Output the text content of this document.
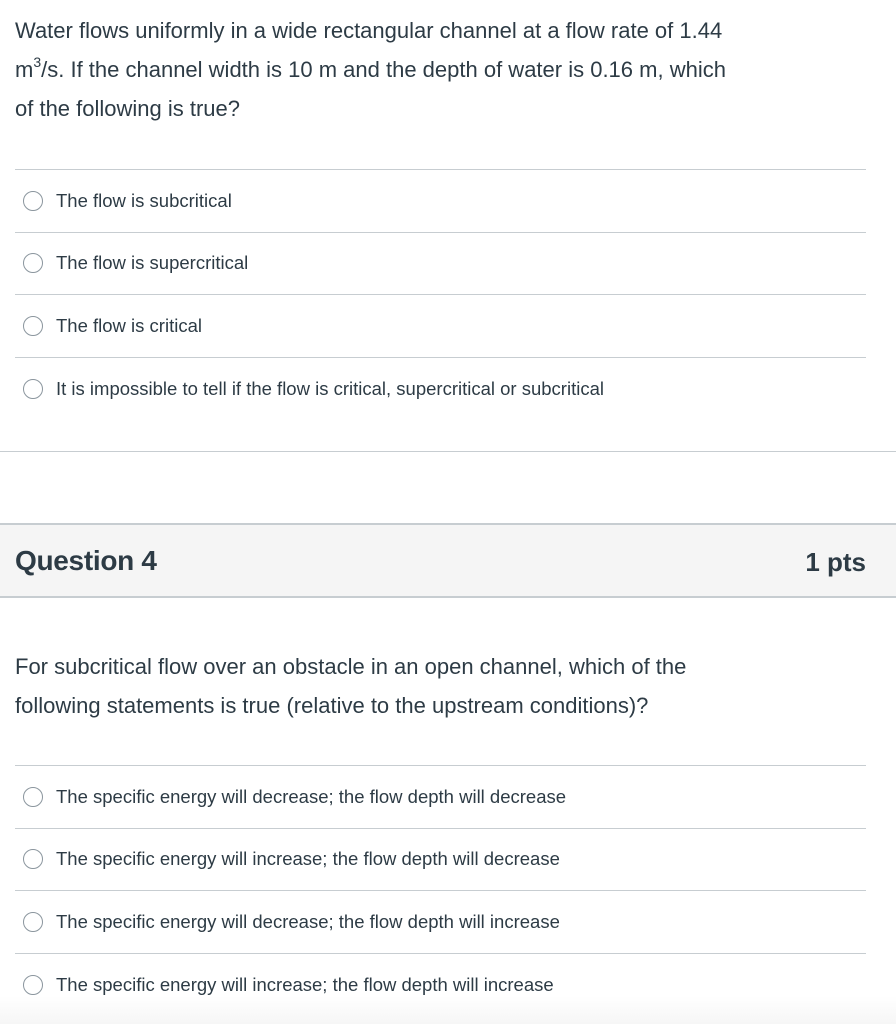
Water flows uniformly in a wide rectangular channel at a flow rate of 1.44
$m^3/s$. If the channel width is 10 m and the depth of water is 0.16 m, which
of the following is true?
The flow is subcritical
The flow is supercritical
The flow is critical
It is impossible to tell if the flow is critical, supercritical or subcritical
Question 4	1 pts
For subcritical flow over an obstacle in an open channel, which of the
following statements is true (relative to the upstream conditions)?
The specific energy will decrease; the flow depth will decrease
The specific energy will increase; the flow depth will decrease
The specific energy will decrease; the flow depth will increase
The specific energy will increase; the flow depth will increase
